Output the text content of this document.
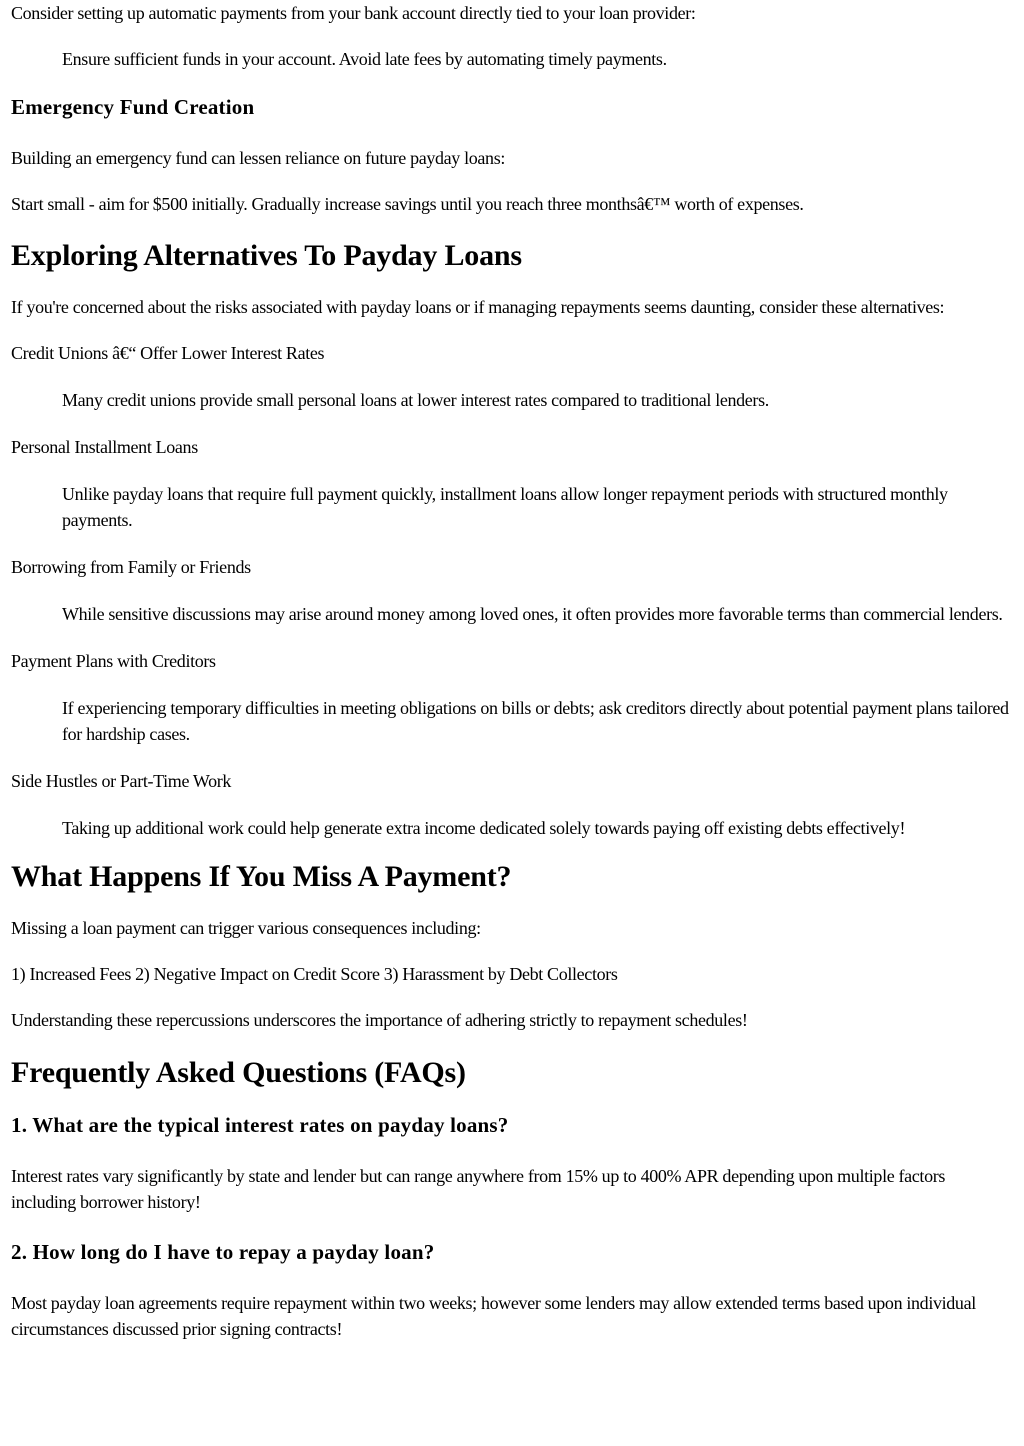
Consider setting up automatic payments from your bank account directly tied to your loan provider:

Ensure sufficient funds in your account. Avoid late fees by automating timely payments.

Emergency Fund Creation

Building an emergency fund can lessen reliance on future payday loans:

Start small - aim for $500 initially. Gradually increase savings until you reach three monthsâ€™ worth of expenses.

Exploring Alternatives To Payday Loans

If you're concerned about the risks associated with payday loans or if managing repayments seems daunting, consider these alternatives:

Credit Unions â€“ Offer Lower Interest Rates

Many credit unions provide small personal loans at lower interest rates compared to traditional lenders.

Personal Installment Loans

Unlike payday loans that require full payment quickly, installment loans allow longer repayment periods with structured monthly payments.

Borrowing from Family or Friends

While sensitive discussions may arise around money among loved ones, it often provides more favorable terms than commercial lenders.

Payment Plans with Creditors

If experiencing temporary difficulties in meeting obligations on bills or debts; ask creditors directly about potential payment plans tailored for hardship cases.

Side Hustles or Part-Time Work

Taking up additional work could help generate extra income dedicated solely towards paying off existing debts effectively!

What Happens If You Miss A Payment?

Missing a loan payment can trigger various consequences including:

1) Increased Fees 2) Negative Impact on Credit Score 3) Harassment by Debt Collectors

Understanding these repercussions underscores the importance of adhering strictly to repayment schedules!

Frequently Asked Questions (FAQs)
1. What are the typical interest rates on payday loans?

Interest rates vary significantly by state and lender but can range anywhere from 15% up to 400% APR depending upon multiple factors including borrower history!

2. How long do I have to repay a payday loan?

Most payday loan agreements require repayment within two weeks; however some lenders may allow extended terms based upon individual circumstances discussed prior signing contracts!
